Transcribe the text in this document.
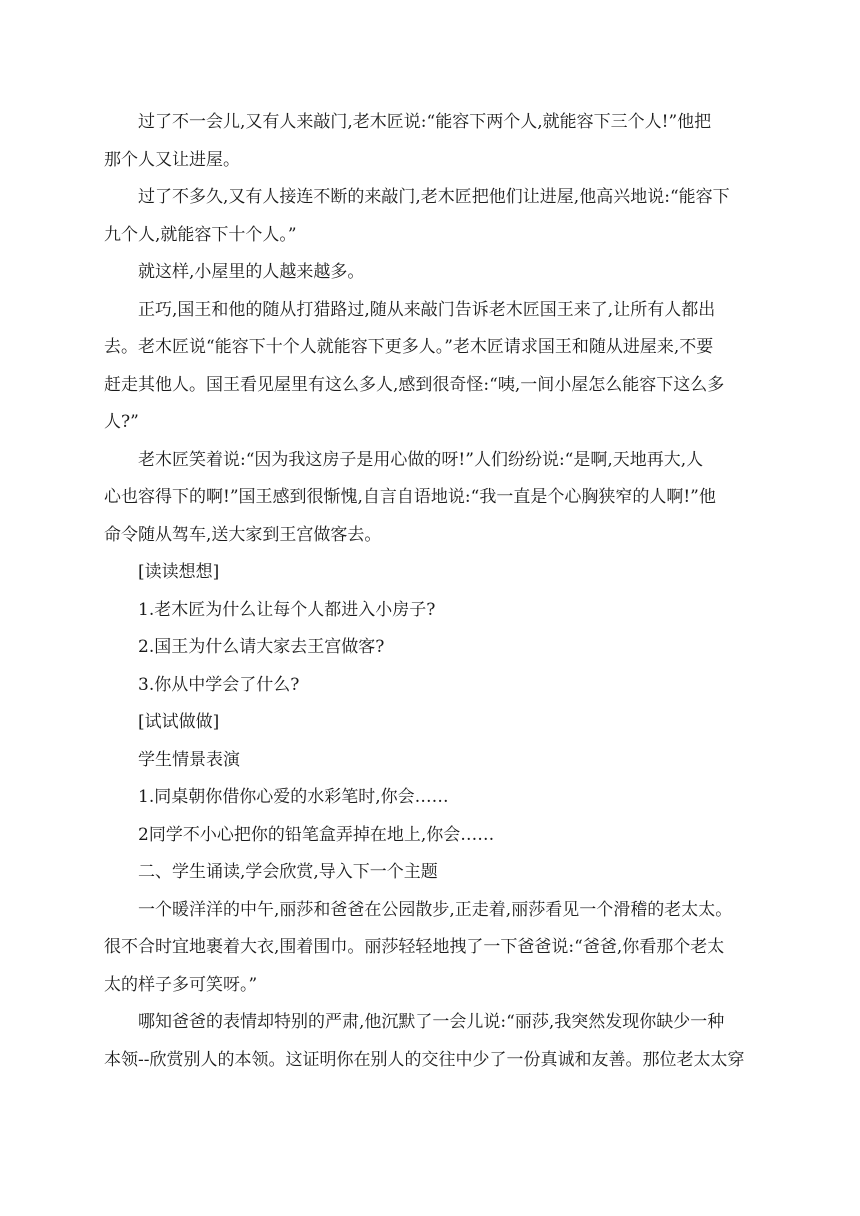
过了不一会儿,又有人来敲门,老木匠说:“能容下两个人,就能容下三个人!”他把
那个人又让进屋。
过了不多久,又有人接连不断的来敲门,老木匠把他们让进屋,他高兴地说:“能容下
九个人,就能容下十个人。”
就这样,小屋里的人越来越多。
正巧,国王和他的随从打猎路过,随从来敲门告诉老木匠国王来了,让所有人都出
去。老木匠说“能容下十个人就能容下更多人。”老木匠请求国王和随从进屋来,不要
赶走其他人。国王看见屋里有这么多人,感到很奇怪:“咦,一间小屋怎么能容下这么多
人?”
老木匠笑着说:“因为我这房子是用心做的呀!”人们纷纷说:“是啊,天地再大,人
心也容得下的啊!”国王感到很惭愧,自言自语地说:“我一直是个心胸狭窄的人啊!”他
命令随从驾车,送大家到王宫做客去。
[读读想想]
1.老木匠为什么让每个人都进入小房子?
2.国王为什么请大家去王宫做客?
3.你从中学会了什么?
[试试做做]
学生情景表演
1.同桌朝你借你心爱的水彩笔时,你会……
2同学不小心把你的铅笔盒弄掉在地上,你会……
二、学生诵读,学会欣赏,导入下一个主题
一个暖洋洋的中午,丽莎和爸爸在公园散步,正走着,丽莎看见一个滑稽的老太太。
很不合时宜地裹着大衣,围着围巾。丽莎轻轻地拽了一下爸爸说:“爸爸,你看那个老太
太的样子多可笑呀。”
哪知爸爸的表情却特别的严肃,他沉默了一会儿说:“丽莎,我突然发现你缺少一种
本领--欣赏别人的本领。这证明你在别人的交往中少了一份真诚和友善。那位老太太穿
